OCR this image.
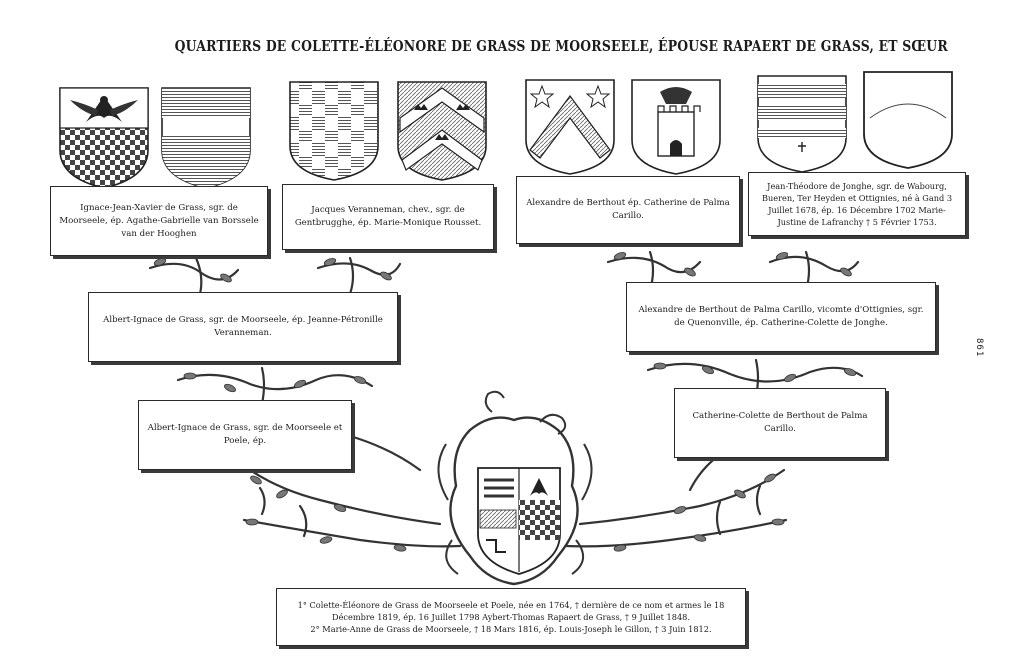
QUARTIERS DE COLETTE-ÉLÉONORE DE GRASS DE MOORSEELE, ÉPOUSE RAPAERT DE GRASS, ET SŒUR
861
Ignace-Jean-Xavier de Grass, sgr. de Moorseele, ép. Agathe-Gabrielle van Borssele van der Hooghen
Jacques Veranneman, chev., sgr. de Gentbrugghe, ép. Marie-Monique Rousset.
Alexandre de Berthout ép. Catherine de Palma Carillo.
Jean-Théodore de Jonghe, sgr. de Wabourg, Bueren, Ter Heyden et Ottignies, né à Gand 3 Juillet 1678, ép. 16 Décembre 1702 Marie-Justine de Lafranchy † 5 Février 1753.
Albert-Ignace de Grass, sgr. de Moorseele, ép. Jeanne-Pétronille Veranneman.
Alexandre de Berthout de Palma Carillo, vicomte d'Ottignies, sgr. de Quenonville, ép. Catherine-Colette de Jonghe.
Albert-Ignace de Grass, sgr. de Moorseele et Poele, ép.
Catherine-Colette de Berthout de Palma Carillo.
1° Colette-Éléonore de Grass de Moorseele et Poele, née en 1764, † dernière de ce nom et armes le 18 Décembre 1819, ép. 16 Juillet 1798 Aybert-Thomas Rapaert de Grass, † 9 Juillet 1848.
2° Marie-Anne de Grass de Moorseele, † 18 Mars 1816, ép. Louis-Joseph le Gillon, † 3 Juin 1812.
